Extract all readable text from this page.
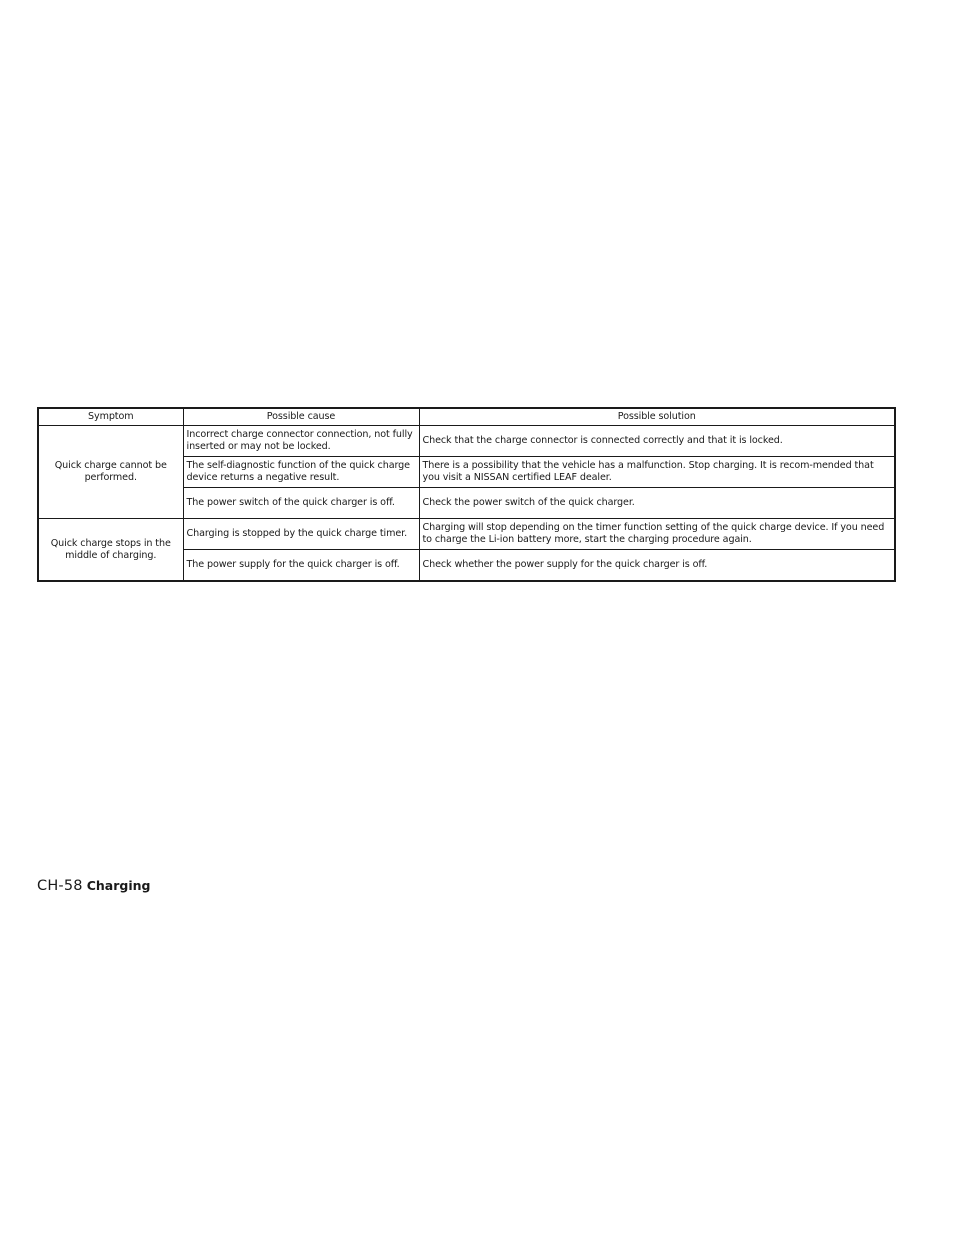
Symptom	Possible cause	Possible solution
Quick charge cannot be performed.	Incorrect charge connector connection, not fully inserted or may not be locked.	Check that the charge connector is connected correctly and that it is locked.
	The self-diagnostic function of the quick charge device returns a negative result.	There is a possibility that the vehicle has a malfunction. Stop charging. It is recom-mended that you visit a NISSAN certified LEAF dealer.
	The power switch of the quick charger is off.	Check the power switch of the quick charger.
Quick charge stops in the middle of charging.	Charging is stopped by the quick charge timer.	Charging will stop depending on the timer function setting of the quick charge device. If you need to charge the Li-ion battery more, start the charging procedure again.
	The power supply for the quick charger is off.	Check whether the power supply for the quick charger is off.
CH-58 Charging
